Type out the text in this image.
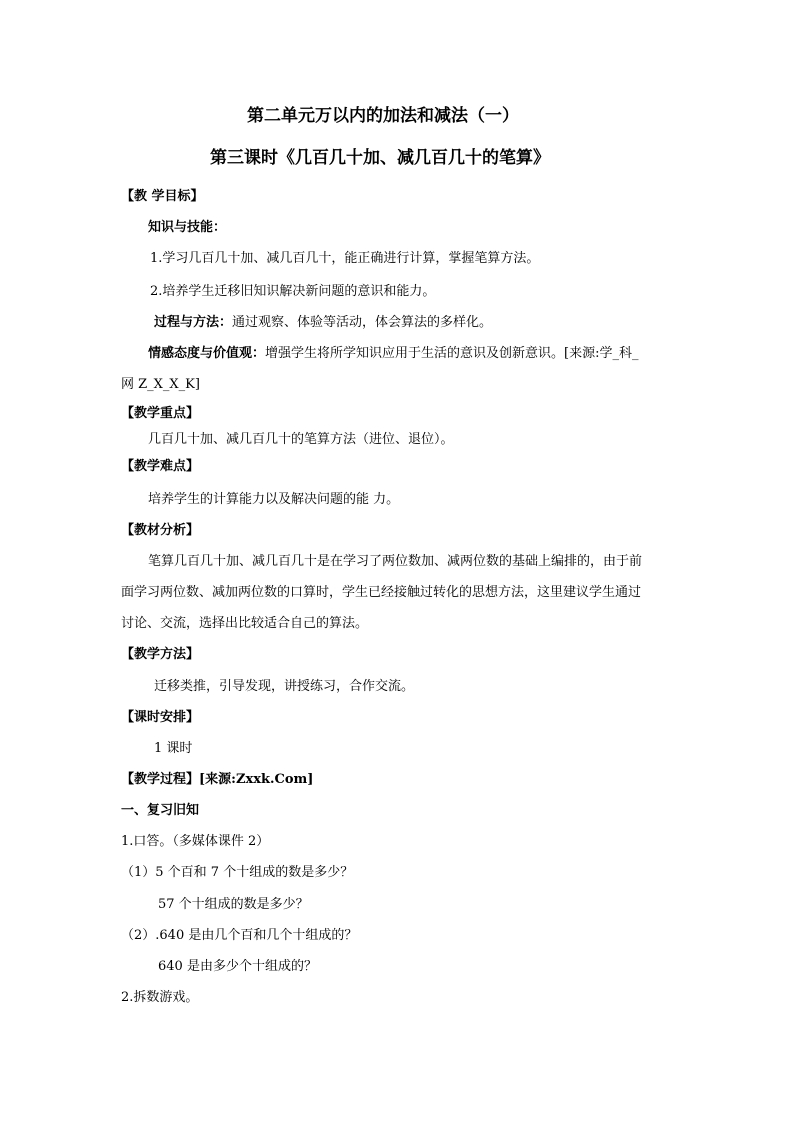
第二单元万以内的加法和减法（一）
第三课时《几百几十加、减几百几十的笔算》
【教 学目标】
知识与技能：
1.学习几百几十加、减几百几十，能正确进行计算，掌握笔算方法。
2.培养学生迁移旧知识解决新问题的意识和能力。
过程与方法：通过观察、体验等活动，体会算法的多样化。
情感态度与价值观：增强学生将所学知识应用于生活的意识及创新意识。[来源:学_科_
网 Z_X_X_K]
【教学重点】
几百几十加、减几百几十的笔算方法（进位、退位）。
【教学难点】
培养学生的计算能力以及解决问题的能 力。
【教材分析】
笔算几百几十加、减几百几十是在学习了两位数加、减两位数的基础上编排的，由于前
面学习两位数、减加两位数的口算时，学生已经接触过转化的思想方法，这里建议学生通过
讨论、交流，选择出比较适合自己的算法。
【教学方法】
迁移类推，引导发现，讲授练习，合作交流。
【课时安排】
1 课时
【教学过程】[来源:Zxxk.Com]
一、复习旧知
1.口答。（多媒体课件 2）
（1）5 个百和 7 个十组成的数是多少？
57 个十组成的数是多少？
（2）.640 是由几个百和几个十组成的？
640 是由多少个十组成的？
2.拆数游戏。
